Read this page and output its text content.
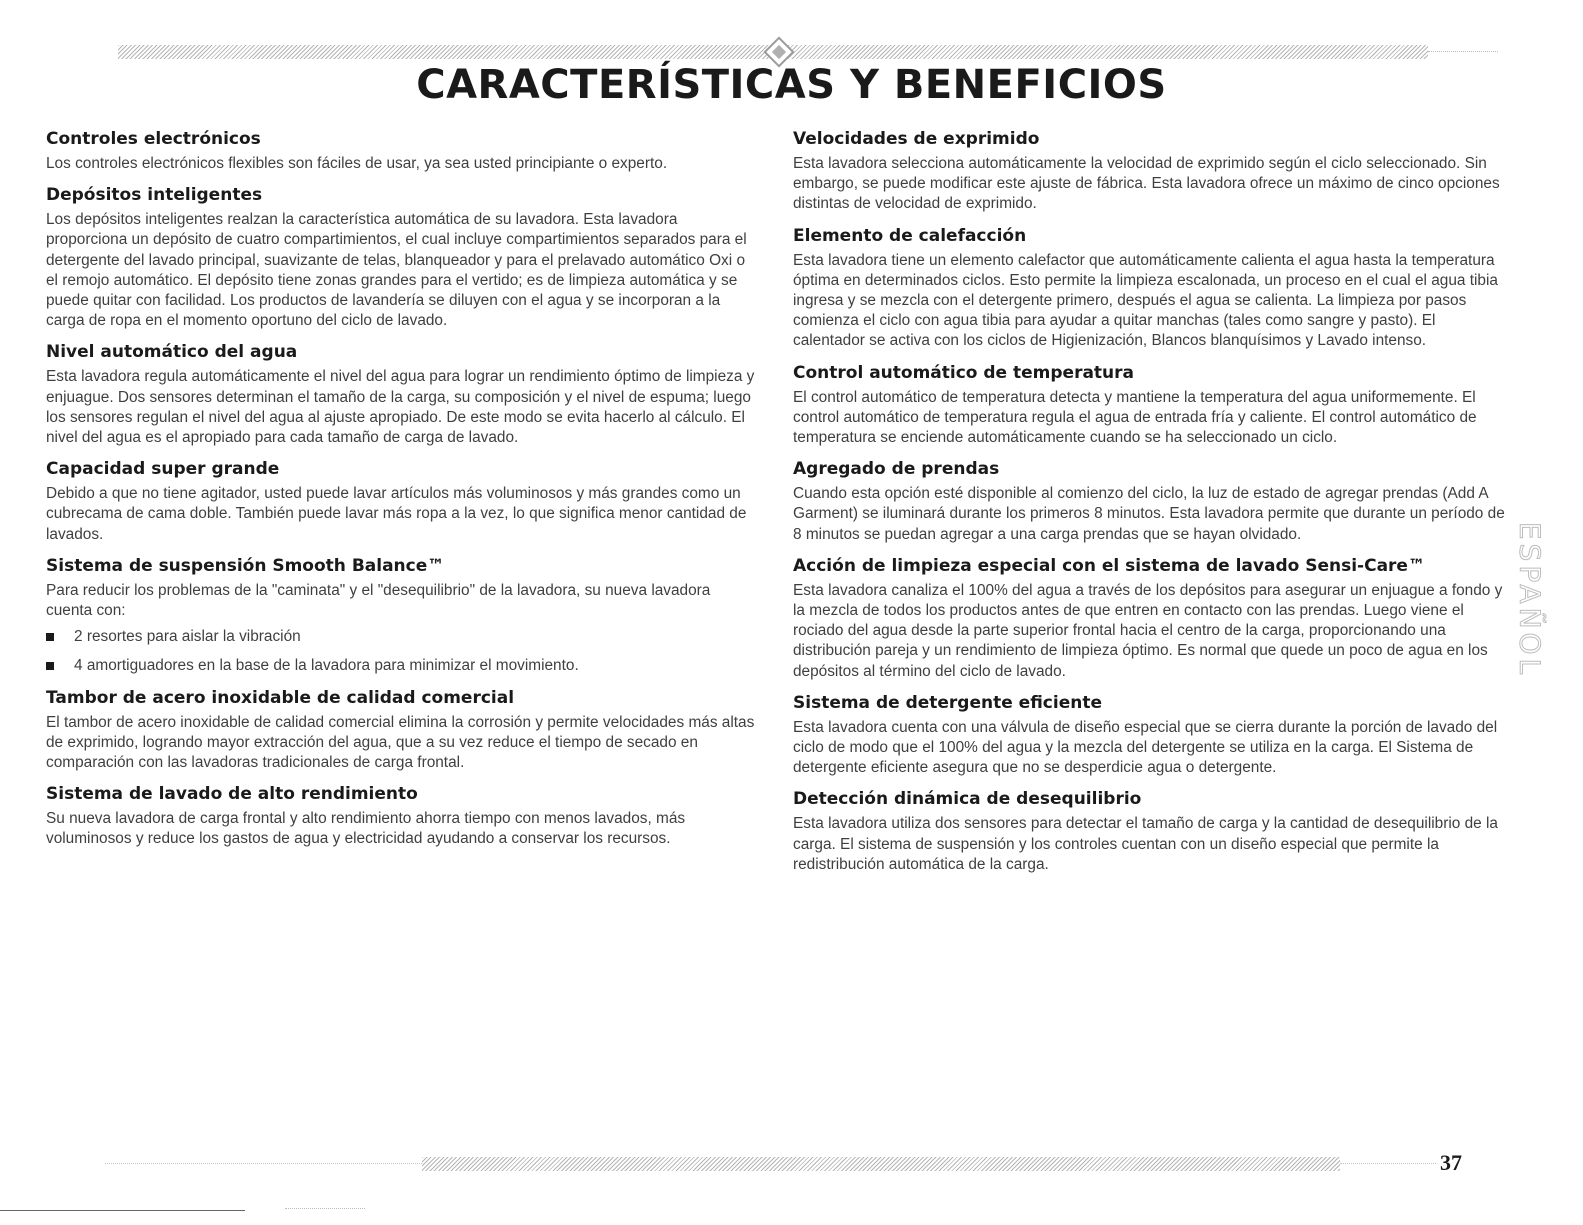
CARACTERÍSTICAS Y BENEFICIOS
Controles electrónicos

Los controles electrónicos flexibles son fáciles de usar, ya sea usted principiante o experto.

Depósitos inteligentes

Los depósitos inteligentes realzan la característica automática de su lavadora. Esta lavadora proporciona un depósito de cuatro compartimientos, el cual incluye compartimientos separados para el detergente del lavado principal, suavizante de telas, blanqueador y para el prelavado automático Oxi o el remojo automático. El depósito tiene zonas grandes para el vertido; es de limpieza automática y se puede quitar con facilidad. Los productos de lavandería se diluyen con el agua y se incorporan a la carga de ropa en el momento oportuno del ciclo de lavado.

Nivel automático del agua

Esta lavadora regula automáticamente el nivel del agua para lograr un rendimiento óptimo de limpieza y enjuague. Dos sensores determinan el tamaño de la carga, su composición y el nivel de espuma; luego los sensores regulan el nivel del agua al ajuste apropiado. De este modo se evita hacerlo al cálculo. El nivel del agua es el apropiado para cada tamaño de carga de lavado.

Capacidad super grande

Debido a que no tiene agitador, usted puede lavar artículos más voluminosos y más grandes como un cubrecama de cama doble. También puede lavar más ropa a la vez, lo que significa menor cantidad de lavados.

Sistema de suspensión Smooth Balance™

Para reducir los problemas de la "caminata" y el "desequilibrio" de la lavadora, su nueva lavadora cuenta con:

2 resortes para aislar la vibración
4 amortiguadores en la base de la lavadora para minimizar el movimiento.
Tambor de acero inoxidable de calidad comercial

El tambor de acero inoxidable de calidad comercial elimina la corrosión y permite velocidades más altas de exprimido, logrando mayor extracción del agua, que a su vez reduce el tiempo de secado en comparación con las lavadoras tradicionales de carga frontal.

Sistema de lavado de alto rendimiento

Su nueva lavadora de carga frontal y alto rendimiento ahorra tiempo con menos lavados, más voluminosos y reduce los gastos de agua y electricidad ayudando a conservar los recursos.

Velocidades de exprimido

Esta lavadora selecciona automáticamente la velocidad de exprimido según el ciclo seleccionado. Sin embargo, se puede modificar este ajuste de fábrica. Esta lavadora ofrece un máximo de cinco opciones distintas de velocidad de exprimido.

Elemento de calefacción

Esta lavadora tiene un elemento calefactor que automáticamente calienta el agua hasta la temperatura óptima en determinados ciclos. Esto permite la limpieza escalonada, un proceso en el cual el agua tibia ingresa y se mezcla con el detergente primero, después el agua se calienta. La limpieza por pasos comienza el ciclo con agua tibia para ayudar a quitar manchas (tales como sangre y pasto). El calentador se activa con los ciclos de Higienización, Blancos blanquísimos y Lavado intenso.

Control automático de temperatura

El control automático de temperatura detecta y mantiene la temperatura del agua uniformemente. El control automático de temperatura regula el agua de entrada fría y caliente. El control automático de temperatura se enciende automáticamente cuando se ha seleccionado un ciclo.

Agregado de prendas

Cuando esta opción esté disponible al comienzo del ciclo, la luz de estado de agregar prendas (Add A Garment) se iluminará durante los primeros 8 minutos. Esta lavadora permite que durante un período de 8 minutos se puedan agregar a una carga prendas que se hayan olvidado.

Acción de limpieza especial con el sistema de lavado Sensi-Care™

Esta lavadora canaliza el 100% del agua a través de los depósitos para asegurar un enjuague a fondo y la mezcla de todos los productos antes de que entren en contacto con las prendas. Luego viene el rociado del agua desde la parte superior frontal hacia el centro de la carga, proporcionando una distribución pareja y un rendimiento de limpieza óptimo. Es normal que quede un poco de agua en los depósitos al término del ciclo de lavado.

Sistema de detergente eficiente

Esta lavadora cuenta con una válvula de diseño especial que se cierra durante la porción de lavado del ciclo de modo que el 100% del agua y la mezcla del detergente se utiliza en la carga. El Sistema de detergente eficiente asegura que no se desperdicie agua o detergente.

Detección dinámica de desequilibrio

Esta lavadora utiliza dos sensores para detectar el tamaño de carga y la cantidad de desequilibrio de la carga. El sistema de suspensión y los controles cuentan con un diseño especial que permite la redistribución automática de la carga.

ESPAÑOL
37
